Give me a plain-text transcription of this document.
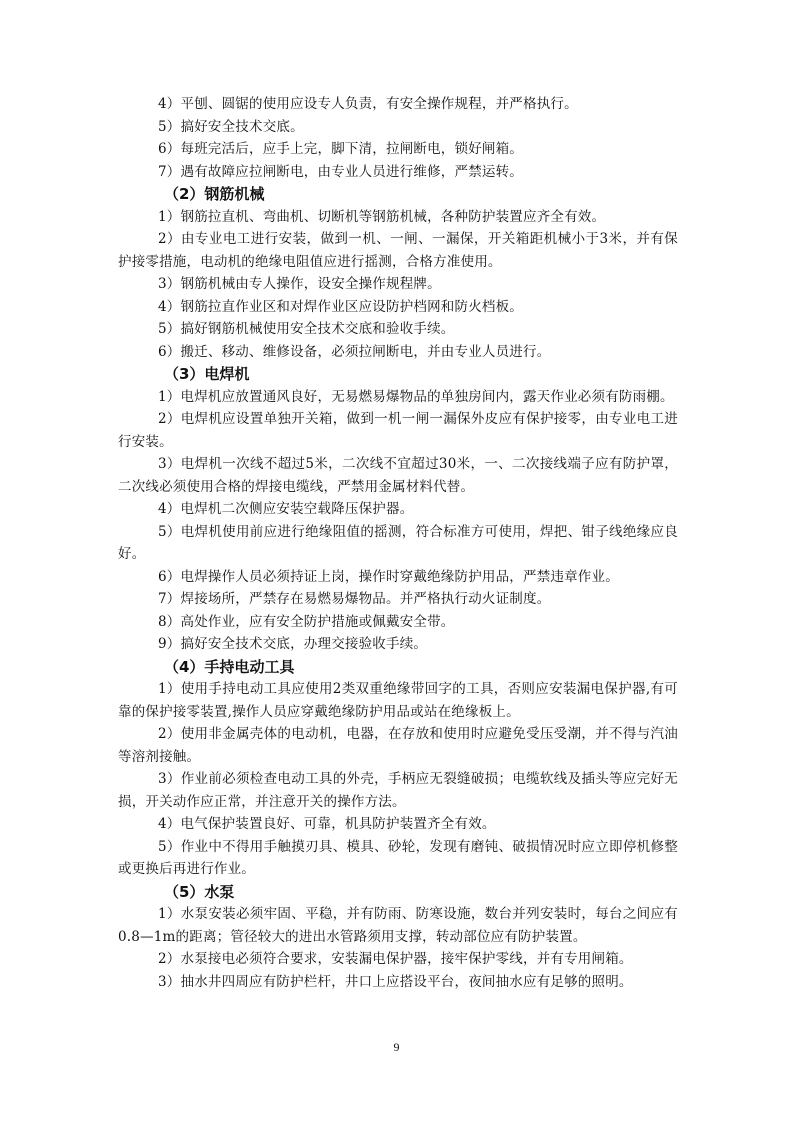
4）平刨、圆锯的使用应设专人负责，有安全操作规程，并严格执行。

5）搞好安全技术交底。

6）每班完活后，应手上完，脚下清，拉闸断电，锁好闸箱。

7）遇有故障应拉闸断电，由专业人员进行维修，严禁运转。

（2）钢筋机械

1）钢筋拉直机、弯曲机、切断机等钢筋机械，各种防护装置应齐全有效。

2）由专业电工进行安装，做到一机、一闸、一漏保，开关箱距机械小于3米，并有保护接零措施，电动机的绝缘电阻值应进行摇测，合格方准使用。

3）钢筋机械由专人操作，设安全操作规程牌。

4）钢筋拉直作业区和对焊作业区应设防护档网和防火档板。

5）搞好钢筋机械使用安全技术交底和验收手续。

6）搬迁、移动、维修设备，必须拉闸断电，并由专业人员进行。

（3）电焊机

1）电焊机应放置通风良好，无易燃易爆物品的单独房间内，露天作业必须有防雨棚。

2）电焊机应设置单独开关箱，做到一机一闸一漏保外皮应有保护接零，由专业电工进行安装。

3）电焊机一次线不超过5米，二次线不宜超过30米，一、二次接线端子应有防护罩，二次线必须使用合格的焊接电缆线，严禁用金属材料代替。

4）电焊机二次侧应安装空载降压保护器。

5）电焊机使用前应进行绝缘阻值的摇测，符合标准方可使用，焊把、钳子线绝缘应良好。

6）电焊操作人员必须持证上岗，操作时穿戴绝缘防护用品，严禁违章作业。

7）焊接场所，严禁存在易燃易爆物品。并严格执行动火证制度。

8）高处作业，应有安全防护措施或佩戴安全带。

9）搞好安全技术交底，办理交接验收手续。

（4）手持电动工具

1）使用手持电动工具应使用2类双重绝缘带回字的工具，否则应安装漏电保护器,有可靠的保护接零装置,操作人员应穿戴绝缘防护用品或站在绝缘板上。

2）使用非金属壳体的电动机，电器，在存放和使用时应避免受压受潮，并不得与汽油等溶剂接触。

3）作业前必须检查电动工具的外壳，手柄应无裂缝破损；电缆软线及插头等应完好无损，开关动作应正常，并注意开关的操作方法。

4）电气保护装置良好、可靠，机具防护装置齐全有效。

5）作业中不得用手触摸刃具、模具、砂轮，发现有磨钝、破损情况时应立即停机修整或更换后再进行作业。

（5）水泵

1）水泵安装必须牢固、平稳，并有防雨、防寒设施，数台并列安装时，每台之间应有0.8—1m的距离；管径较大的进出水管路须用支撑，转动部位应有防护装置。

2）水泵接电必须符合要求，安装漏电保护器，接牢保护零线，并有专用闸箱。

3）抽水井四周应有防护栏杆，井口上应搭设平台，夜间抽水应有足够的照明。

9
